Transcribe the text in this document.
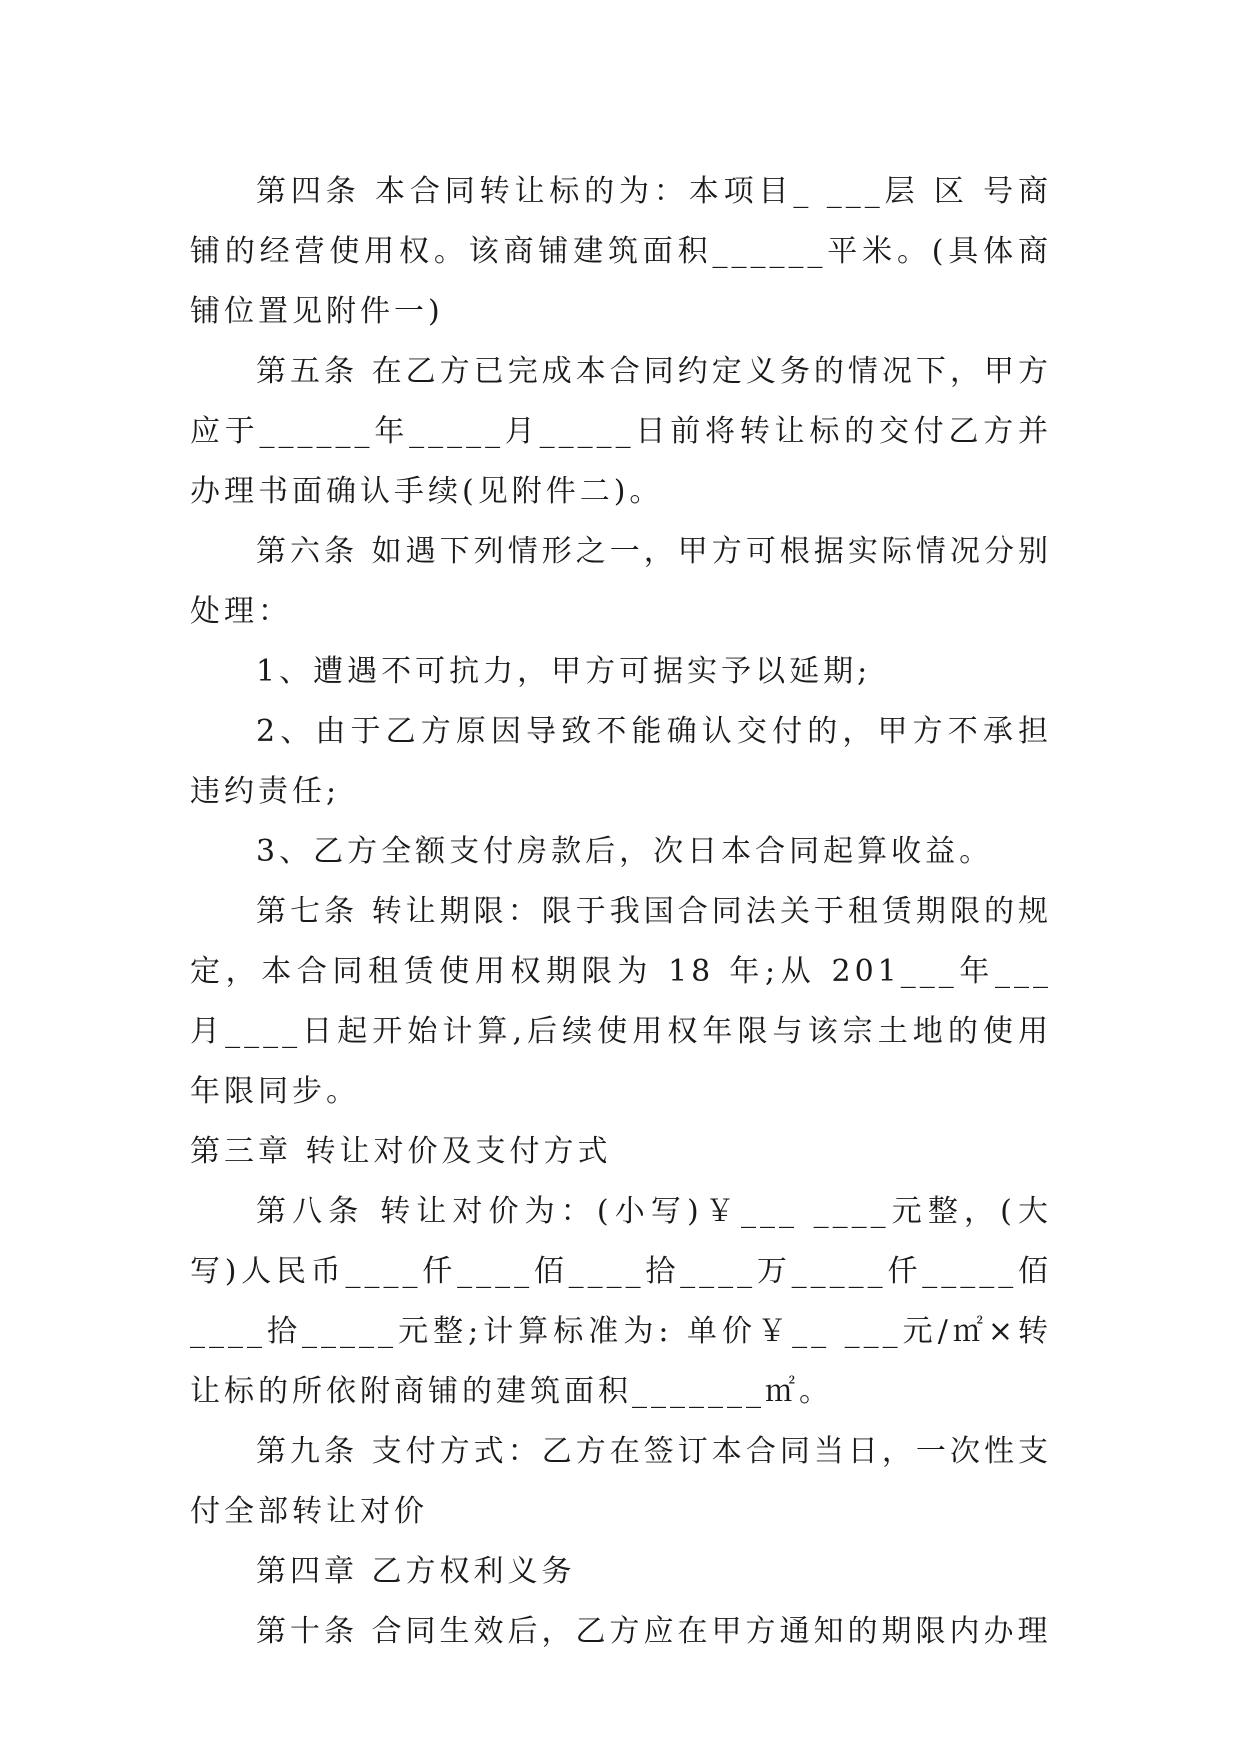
第四条 本合同转让标的为：本项目_ ___层 区 号商铺的经营使用权。该商铺建筑面积______平米。(具体商铺位置见附件一)

第五条 在乙方已完成本合同约定义务的情况下，甲方应于______年_____月_____日前将转让标的交付乙方并办理书面确认手续(见附件二)。

第六条 如遇下列情形之一，甲方可根据实际情况分别处理：

1、遭遇不可抗力，甲方可据实予以延期;

2、由于乙方原因导致不能确认交付的，甲方不承担违约责任;

3、乙方全额支付房款后，次日本合同起算收益。

第七条 转让期限：限于我国合同法关于租赁期限的规定，本合同租赁使用权期限为 18 年;从 201___年___月____日起开始计算,后续使用权年限与该宗土地的使用年限同步。

第三章 转让对价及支付方式

第八条 转让对价为：(小写)￥___ ____元整，(大写)人民币____仟____佰____拾____万_____仟_____佰____拾_____元整;计算标准为: 单价￥__ ___元/㎡×转让标的所依附商铺的建筑面积_______㎡。

第九条 支付方式：乙方在签订本合同当日，一次性支付全部转让对价

第四章 乙方权利义务

第十条 合同生效后，乙方应在甲方通知的期限内办理
